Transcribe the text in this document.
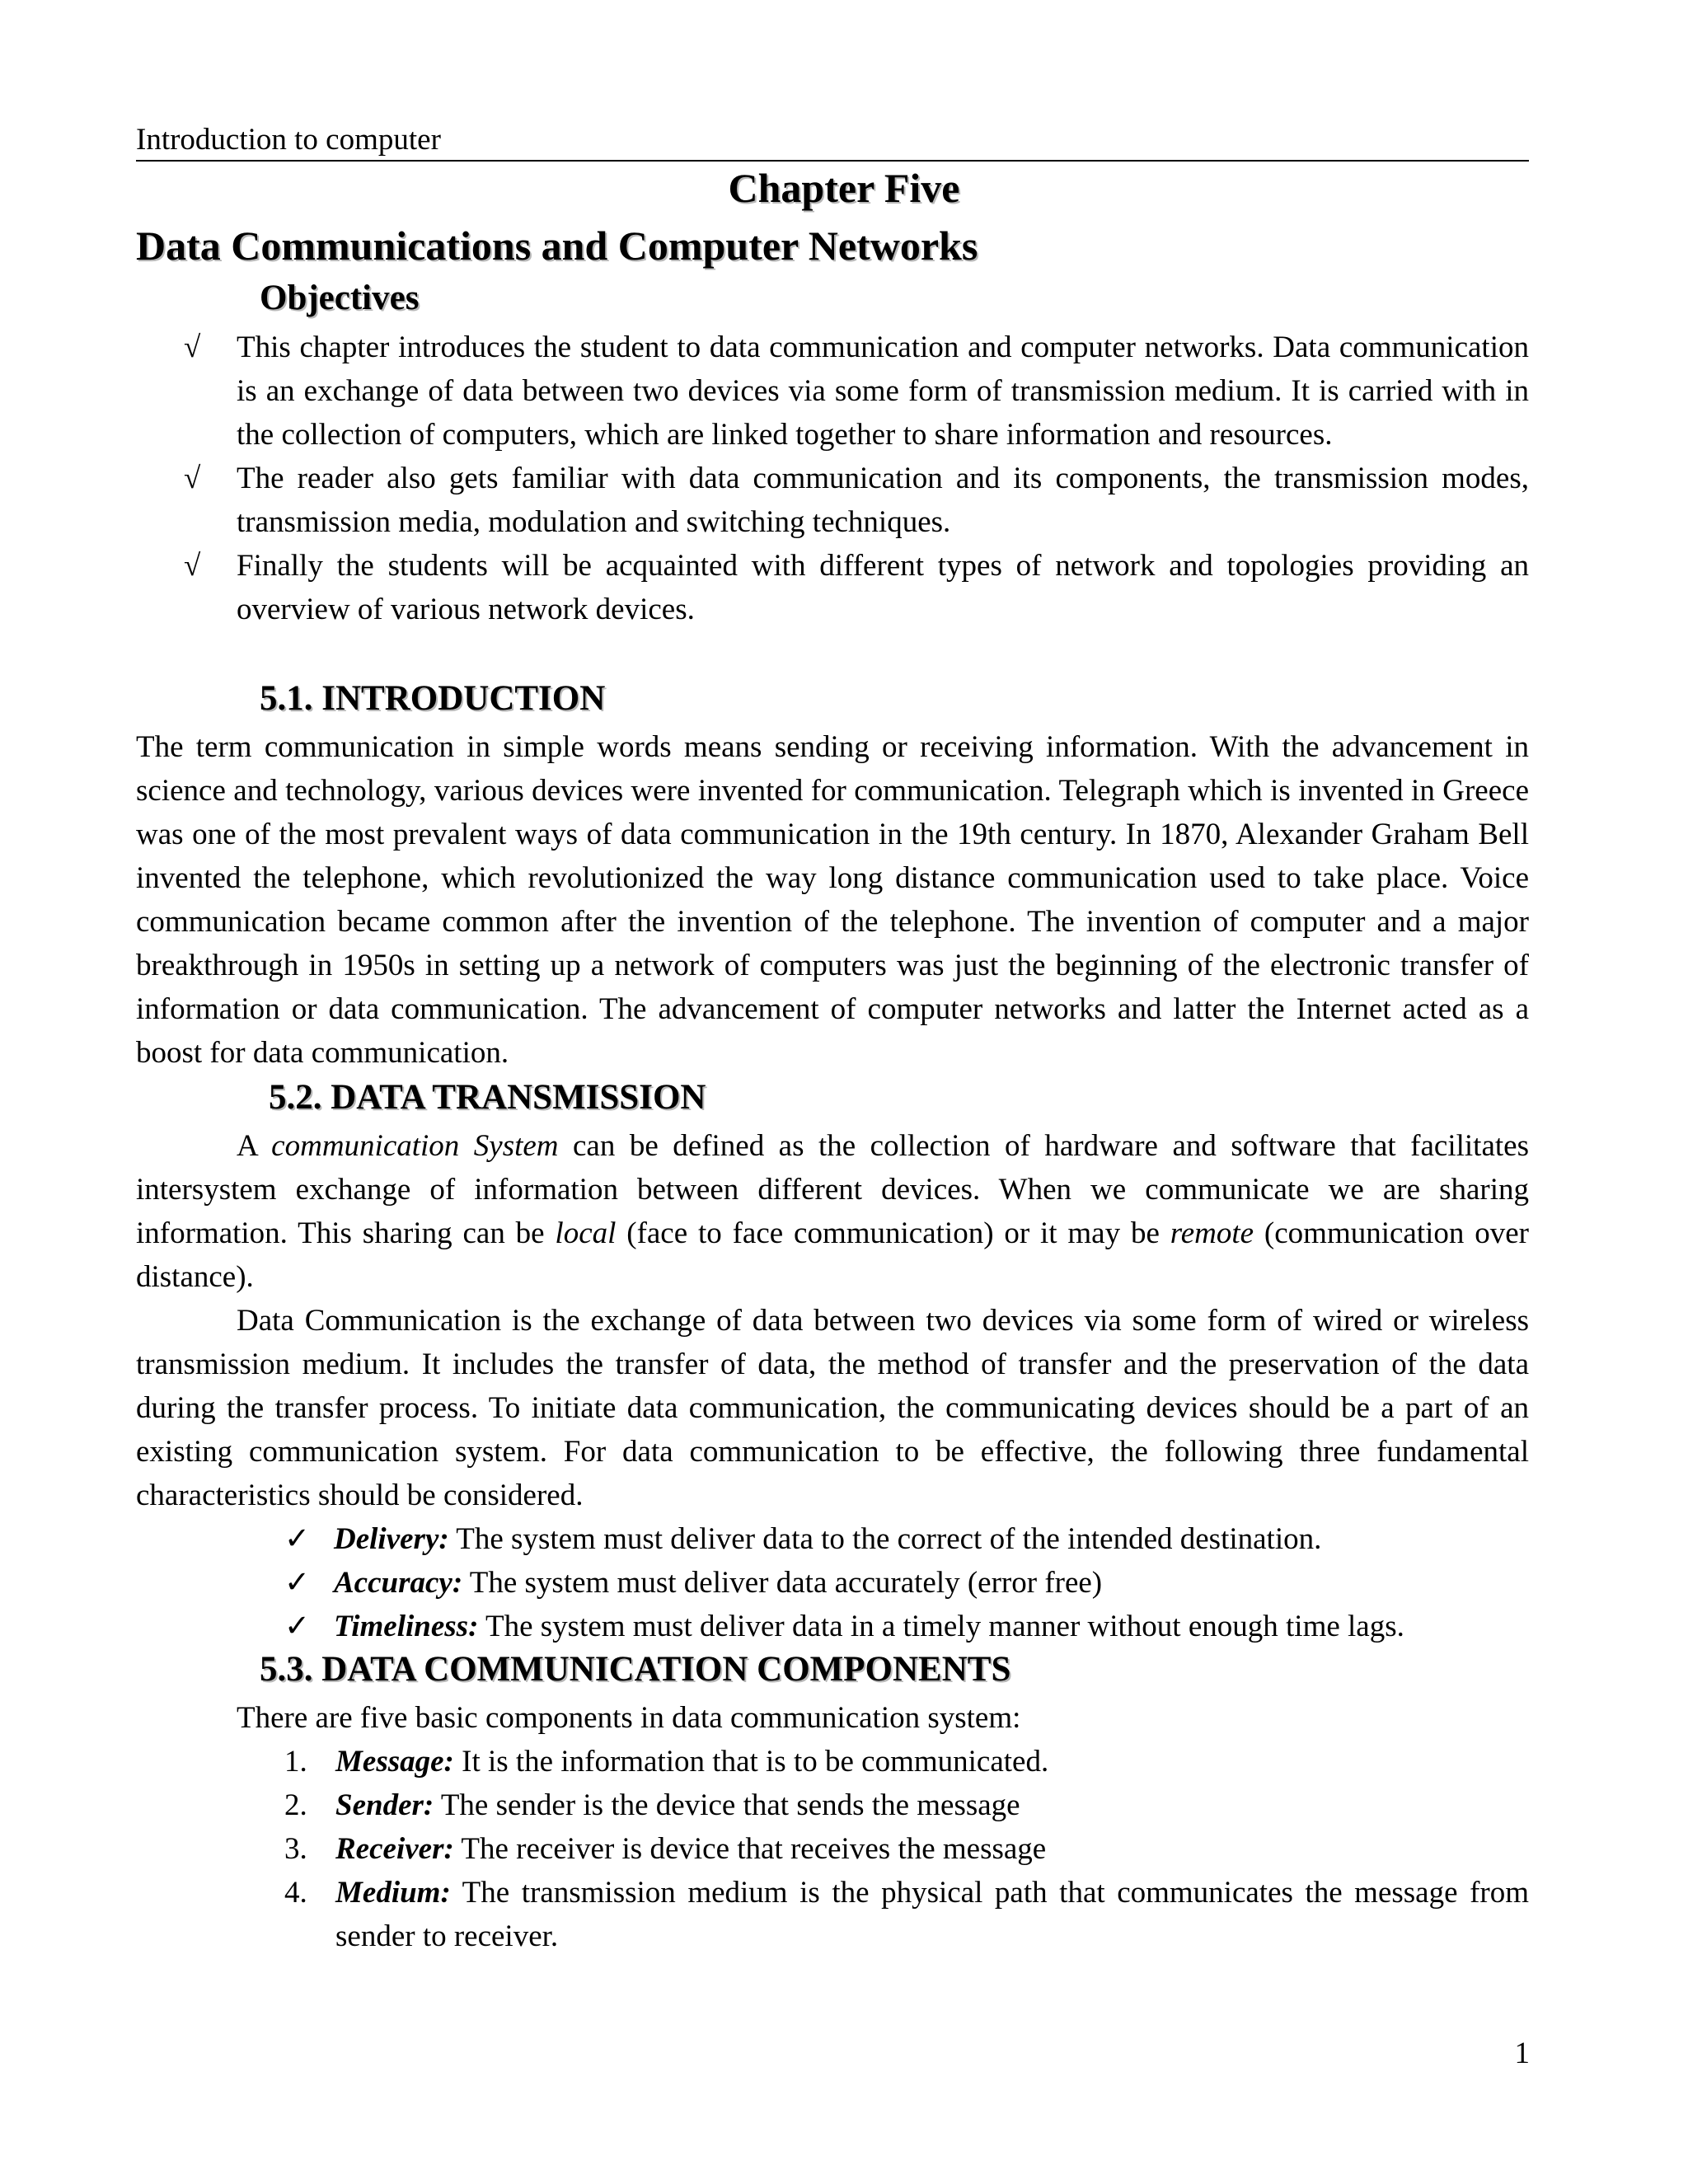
Introduction to computer
Chapter Five
Data Communications and Computer Networks
Objectives
√	This chapter introduces the student to data communication and computer networks. Data communication is an exchange of data between two devices via some form of transmission medium. It is carried with in the collection of computers, which are linked together to share information and resources.
√	The reader also gets familiar with data communication and its components, the transmission modes, transmission media, modulation and switching techniques.
√	Finally the students will be acquainted with different types of network and topologies providing an overview of various network devices.
5.1. INTRODUCTION
The term communication in simple words means sending or receiving information. With the advancement in science and technology, various devices were invented for communication. Telegraph which is invented in Greece was one of the most prevalent ways of data communication in the 19th century. In 1870, Alexander Graham Bell invented the telephone, which revolutionized the way long distance communication used to take place. Voice communication became common after the invention of the telephone. The invention of computer and a major breakthrough in 1950s in setting up a network of computers was just the beginning of the electronic transfer of information or data communication. The advancement of computer networks and latter the Internet acted as a boost for data communication.
5.2. DATA TRANSMISSION
A communication System can be defined as the collection of hardware and software that facilitates intersystem exchange of information between different devices. When we communicate we are sharing information. This sharing can be local (face to face communication) or it may be remote (communication over distance).
Data Communication is the exchange of data between two devices via some form of wired or wireless transmission medium. It includes the transfer of data, the method of transfer and the preservation of the data during the transfer process. To initiate data communication, the communicating devices should be a part of an existing communication system. For data communication to be effective, the following three fundamental characteristics should be considered.
✓ Delivery: The system must deliver data to the correct of the intended destination.
✓ Accuracy: The system must deliver data accurately (error free)
✓ Timeliness: The system must deliver data in a timely manner without enough time lags.
5.3. DATA COMMUNICATION COMPONENTS
There are five basic components in data communication system:
1. Message: It is the information that is to be communicated.
2. Sender: The sender is the device that sends the message
3. Receiver: The receiver is device that receives the message
4. Medium: The transmission medium is the physical path that communicates the message from sender to receiver.
1
